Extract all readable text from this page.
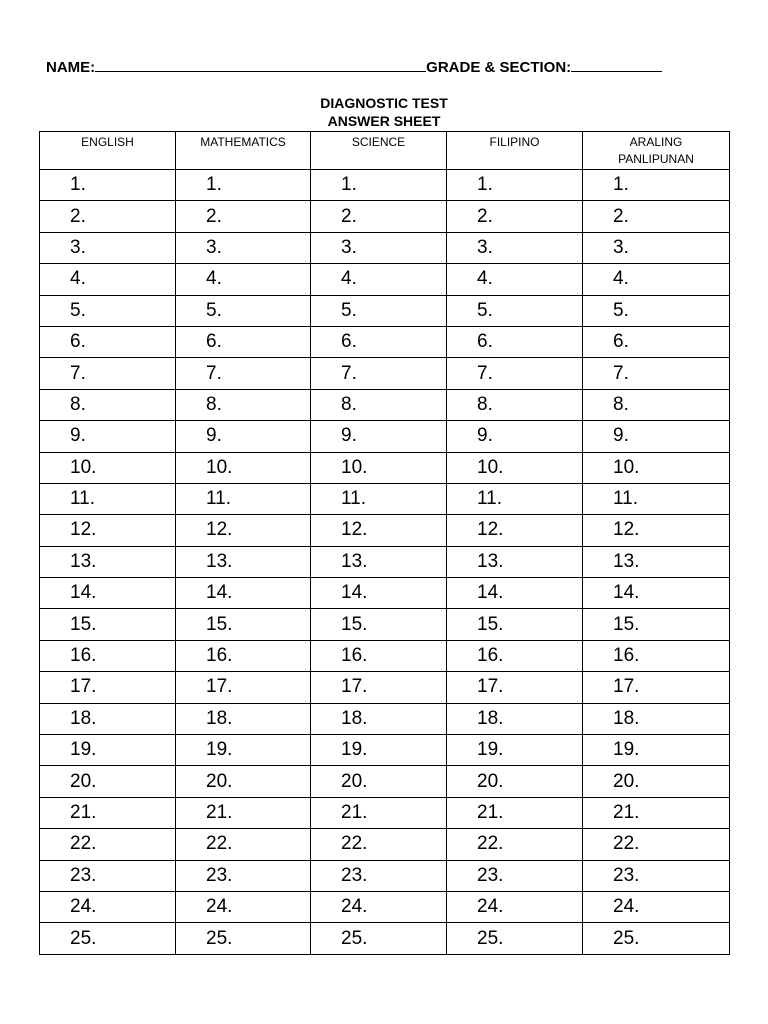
NAME:	GRADE & SECTION:
DIAGNOSTIC TEST
ANSWER SHEET
ENGLISH	MATHEMATICS	SCIENCE	FILIPINO	ARALING PANLIPUNAN
1.	1.	1.	1.	1.
2.	2.	2.	2.	2.
3.	3.	3.	3.	3.
4.	4.	4.	4.	4.
5.	5.	5.	5.	5.
6.	6.	6.	6.	6.
7.	7.	7.	7.	7.
8.	8.	8.	8.	8.
9.	9.	9.	9.	9.
10.	10.	10.	10.	10.
11.	11.	11.	11.	11.
12.	12.	12.	12.	12.
13.	13.	13.	13.	13.
14.	14.	14.	14.	14.
15.	15.	15.	15.	15.
16.	16.	16.	16.	16.
17.	17.	17.	17.	17.
18.	18.	18.	18.	18.
19.	19.	19.	19.	19.
20.	20.	20.	20.	20.
21.	21.	21.	21.	21.
22.	22.	22.	22.	22.
23.	23.	23.	23.	23.
24.	24.	24.	24.	24.
25.	25.	25.	25.	25.
